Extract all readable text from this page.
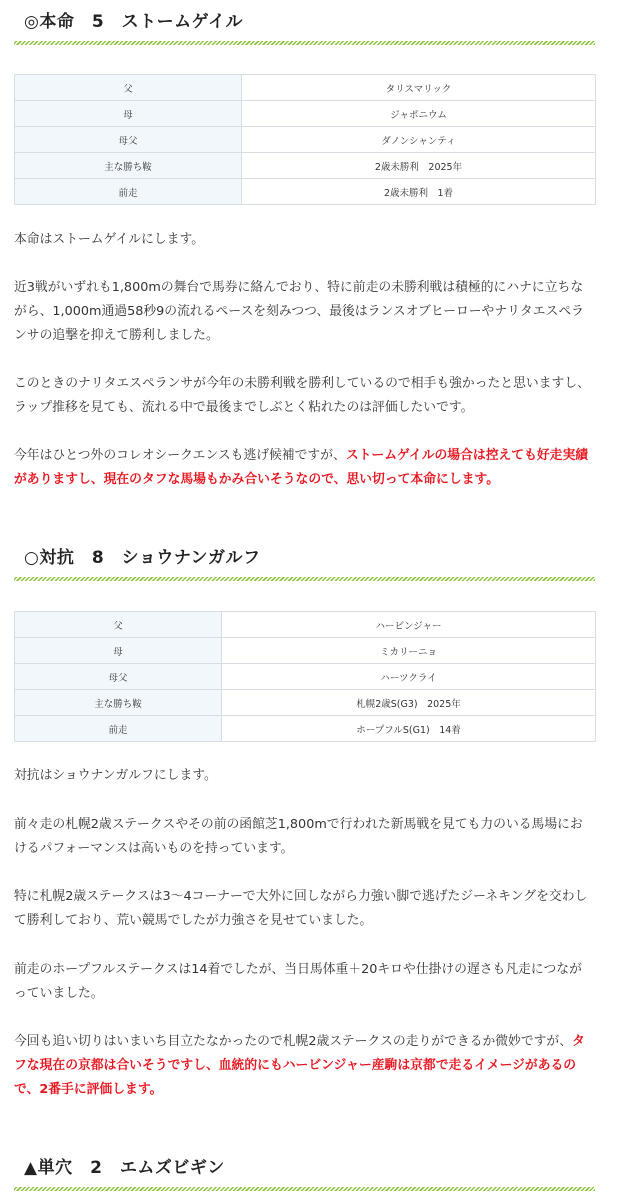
◎本命　5　ストームゲイル
父	タリスマリック
母	ジャポニウム
母父	ダノンシャンティ
主な勝ち鞍	2歳未勝利　2025年
前走	2歳未勝利　1着
本命はストームゲイルにします。
近3戦がいずれも1,800mの舞台で馬券に絡んでおり、特に前走の未勝利戦は積極的にハナに立ちながら、1,000m通過58秒9の流れるペースを刻みつつ、最後はランスオブヒーローやナリタエスペランサの追撃を抑えて勝利しました。
このときのナリタエスペランサが今年の未勝利戦を勝利しているので相手も強かったと思いますし、ラップ推移を見ても、流れる中で最後までしぶとく粘れたのは評価したいです。
今年はひとつ外のコレオシークエンスも逃げ候補ですが、ストームゲイルの場合は控えても好走実績がありますし、現在のタフな馬場もかみ合いそうなので、思い切って本命にします。
○対抗　8　ショウナンガルフ
父	ハービンジャー
母	ミカリーニョ
母父	ハーツクライ
主な勝ち鞍	札幌2歳S(G3)　2025年
前走	ホープフルS(G1)　14着
対抗はショウナンガルフにします。
前々走の札幌2歳ステークスやその前の函館芝1,800mで行われた新馬戦を見ても力のいる馬場におけるパフォーマンスは高いものを持っています。
特に札幌2歳ステークスは3〜4コーナーで大外に回しながら力強い脚で逃げたジーネキングを交わして勝利しており、荒い競馬でしたが力強さを見せていました。
前走のホープフルステークスは14着でしたが、当日馬体重＋20キロや仕掛けの遅さも凡走につながっていました。
今回も追い切りはいまいち目立たなかったので札幌2歳ステークスの走りができるか微妙ですが、タフな現在の京都は合いそうですし、血統的にもハービンジャー産駒は京都で走るイメージがあるので、2番手に評価します。
▲単穴　2　エムズビギン
